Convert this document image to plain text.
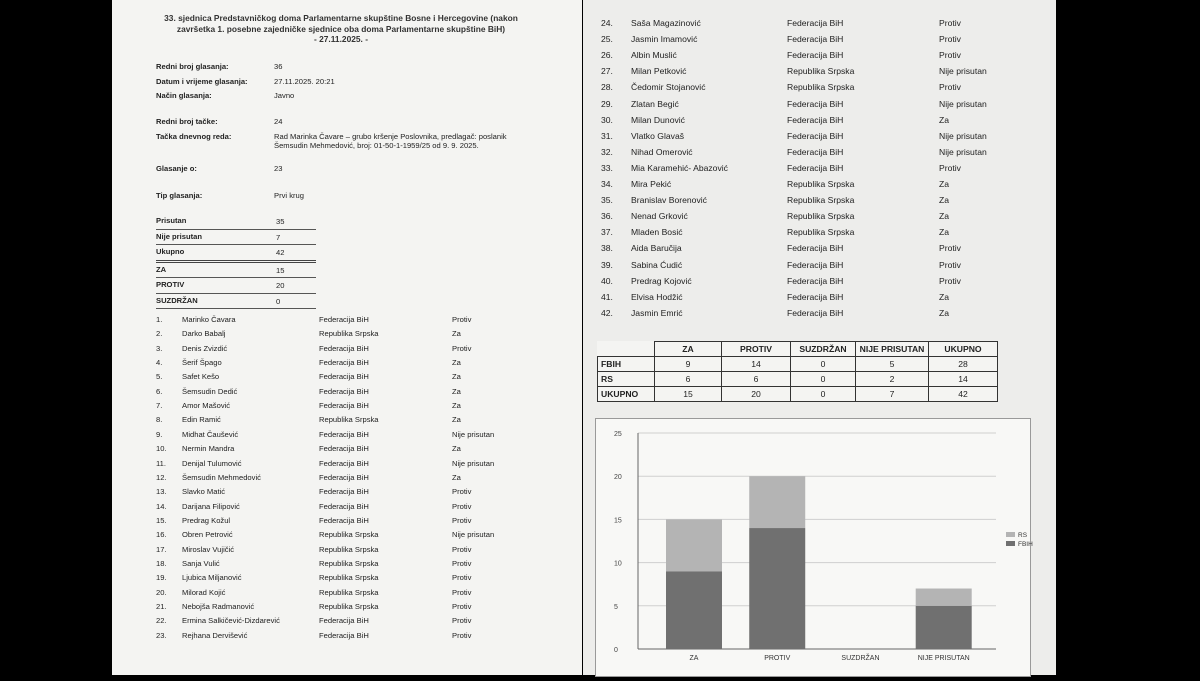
33. sjednica Predstavničkog doma Parlamentarne skupštine Bosne i Hercegovine (nakon
završetka 1. posebne zajedničke sjednice oba doma Parlamentarne skupštine BiH)
- 27.11.2025. -
Redni broj glasanja:	36
Datum i vrijeme glasanja:	27.11.2025. 20:21
Način glasanja:	Javno
Redni broj tačke:	24
Tačka dnevnog reda:	Rad Marinka Čavare – grubo kršenje Poslovnika, predlagač: poslanik
Šemsudin Mehmedović, broj: 01-50-1-1959/25 od 9. 9. 2025.
Glasanje o:	23
Tip glasanja:	Prvi krug
Prisutan	35
Nije prisutan	7
Ukupno	42
ZA	15
PROTIV	20
SUZDRŽAN	0
1.	Marinko Čavara	Federacija BiH	Protiv
2.	Darko Babalj	Republika Srpska	Za
3.	Denis Zvizdić	Federacija BiH	Protiv
4.	Šerif Špago	Federacija BiH	Za
5.	Safet Kešo	Federacija BiH	Za
6.	Šemsudin Dedić	Federacija BiH	Za
7.	Amor Mašović	Federacija BiH	Za
8.	Edin Ramić	Republika Srpska	Za
9.	Midhat Čaušević	Federacija BiH	Nije prisutan
10. Nermin Mandra	Federacija BiH	Za
11. Denijal Tulumović	Federacija BiH	Nije prisutan
12. Šemsudin Mehmedović	Federacija BiH	Za
13. Slavko Matić	Federacija BiH	Protiv
14. Darijana Filipović	Federacija BiH	Protiv
15. Predrag Kožul	Federacija BiH	Protiv
16. Obren Petrović	Republika Srpska	Nije prisutan
17. Miroslav Vujičić	Republika Srpska	Protiv
18. Sanja Vulić	Republika Srpska	Protiv
19. Ljubica Miljanović	Republika Srpska	Protiv
20. Milorad Kojić	Republika Srpska	Protiv
21. Nebojša Radmanović	Republika Srpska	Protiv
22. Ermina Salkičević-Dizdarević	Federacija BiH	Protiv
23. Rejhana Dervišević	Federacija BiH	Protiv
24. Saša Magazinović	Federacija BiH	Protiv
25. Jasmin Imamović	Federacija BiH	Protiv
26. Albin Muslić	Federacija BiH	Protiv
27. Milan Petković	Republika Srpska	Nije prisutan
28. Čedomir Stojanović	Republika Srpska	Protiv
29. Zlatan Begić	Federacija BiH	Nije prisutan
30. Milan Dunović	Federacija BiH	Za
31. Vlatko Glavaš	Federacija BiH	Nije prisutan
32. Nihad Omerović	Federacija BiH	Nije prisutan
33. Mia Karamehić- Abazović	Federacija BiH	Protiv
34. Mira Pekić	Republika Srpska	Za
35. Branislav Borenović	Republika Srpska	Za
36. Nenad Grković	Republika Srpska	Za
37. Mladen Bosić	Republika Srpska	Za
38. Aida Baručija	Federacija BiH	Protiv
39. Sabina Ćudić	Federacija BiH	Protiv
40. Predrag Kojović	Federacija BiH	Protiv
41. Elvisa Hodžić	Federacija BiH	Za
42. Jasmin Emrić	Federacija BiH	Za
	ZA	PROTIV	SUZDRŽAN	NIJE PRISUTAN	UKUPNO
FBIH	9	14	0	5	28
RS	6	6	0	2	14
UKUPNO	15	20	0	7	42
0
5
10
15
20
25
ZA	PROTIV	SUZDRŽAN	NIJE PRISUTAN
RS
FBIH
